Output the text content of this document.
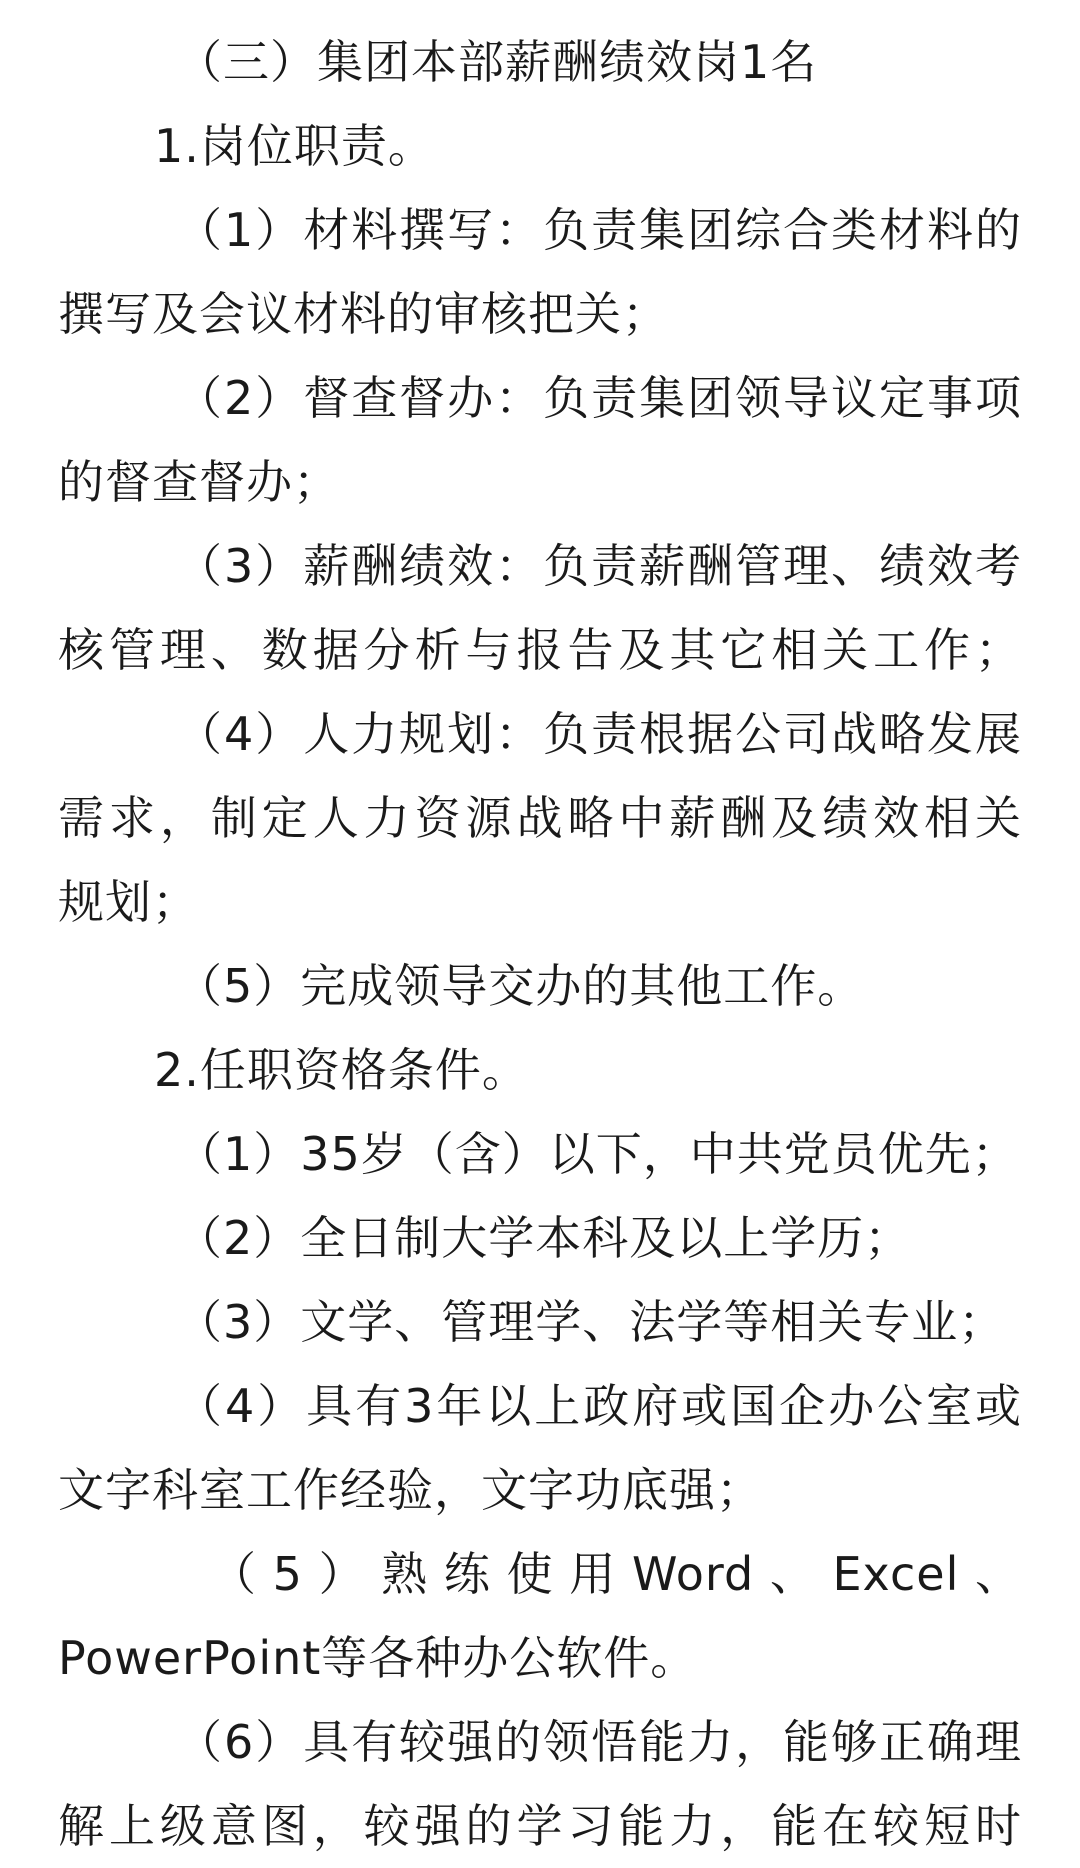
（三）集团本部薪酬绩效岗1名

1.岗位职责。

（1）材料撰写：负责集团综合类材料的

撰写及会议材料的审核把关；

（2）督查督办：负责集团领导议定事项

的督查督办；

（3）薪酬绩效：负责薪酬管理、绩效考

核管理、数据分析与报告及其它相关工作；

（4）人力规划：负责根据公司战略发展

需求，制定人力资源战略中薪酬及绩效相关

规划；

（5）完成领导交办的其他工作。

2.任职资格条件。

（1）35岁（含）以下，中共党员优先；

（2）全日制大学本科及以上学历；

（3）文学、管理学、法学等相关专业；

（4）具有3年以上政府或国企办公室或

文字科室工作经验，文字功底强；

（ 5 ） 熟 练 使 用 Word 、 Excel 、

PowerPoint等各种办公软件。

（6）具有较强的领悟能力，能够正确理

解上级意图，较强的学习能力，能在较短时
